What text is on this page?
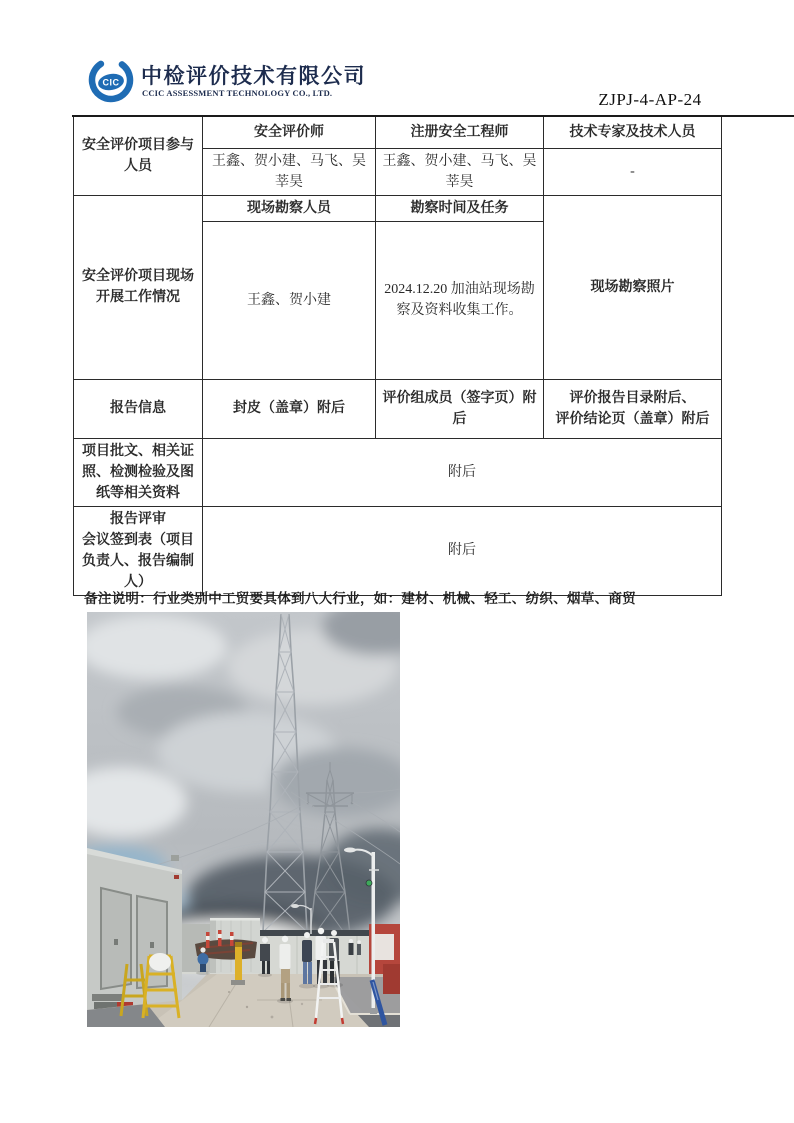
CIC 中检评价技术有限公司
CCIC ASSESSMENT TECHNOLOGY CO., LTD.	ZJPJ-4-AP-24
安全评价项目参与人员	安全评价师	注册安全工程师	技术专家及技术人员
	王鑫、贺小建、马飞、吴莘昊	王鑫、贺小建、马飞、吴莘昊	-
安全评价项目现场开展工作情况	现场勘察人员	勘察时间及任务	现场勘察照片
	王鑫、贺小建	2024.12.20 加油站现场勘察及资料收集工作。	
报告信息	封皮（盖章）附后	评价组成员（签字页）附后	评价报告目录附后、
评价结论页（盖章）附后
项目批文、相关证照、检测检验及图纸等相关资料	附后		
报告评审
会议签到表（项目负责人、报告编制人）	附后		
备注说明：行业类别中工贸要具体到八大行业，如：建材、机械、轻工、纺织、烟草、商贸
